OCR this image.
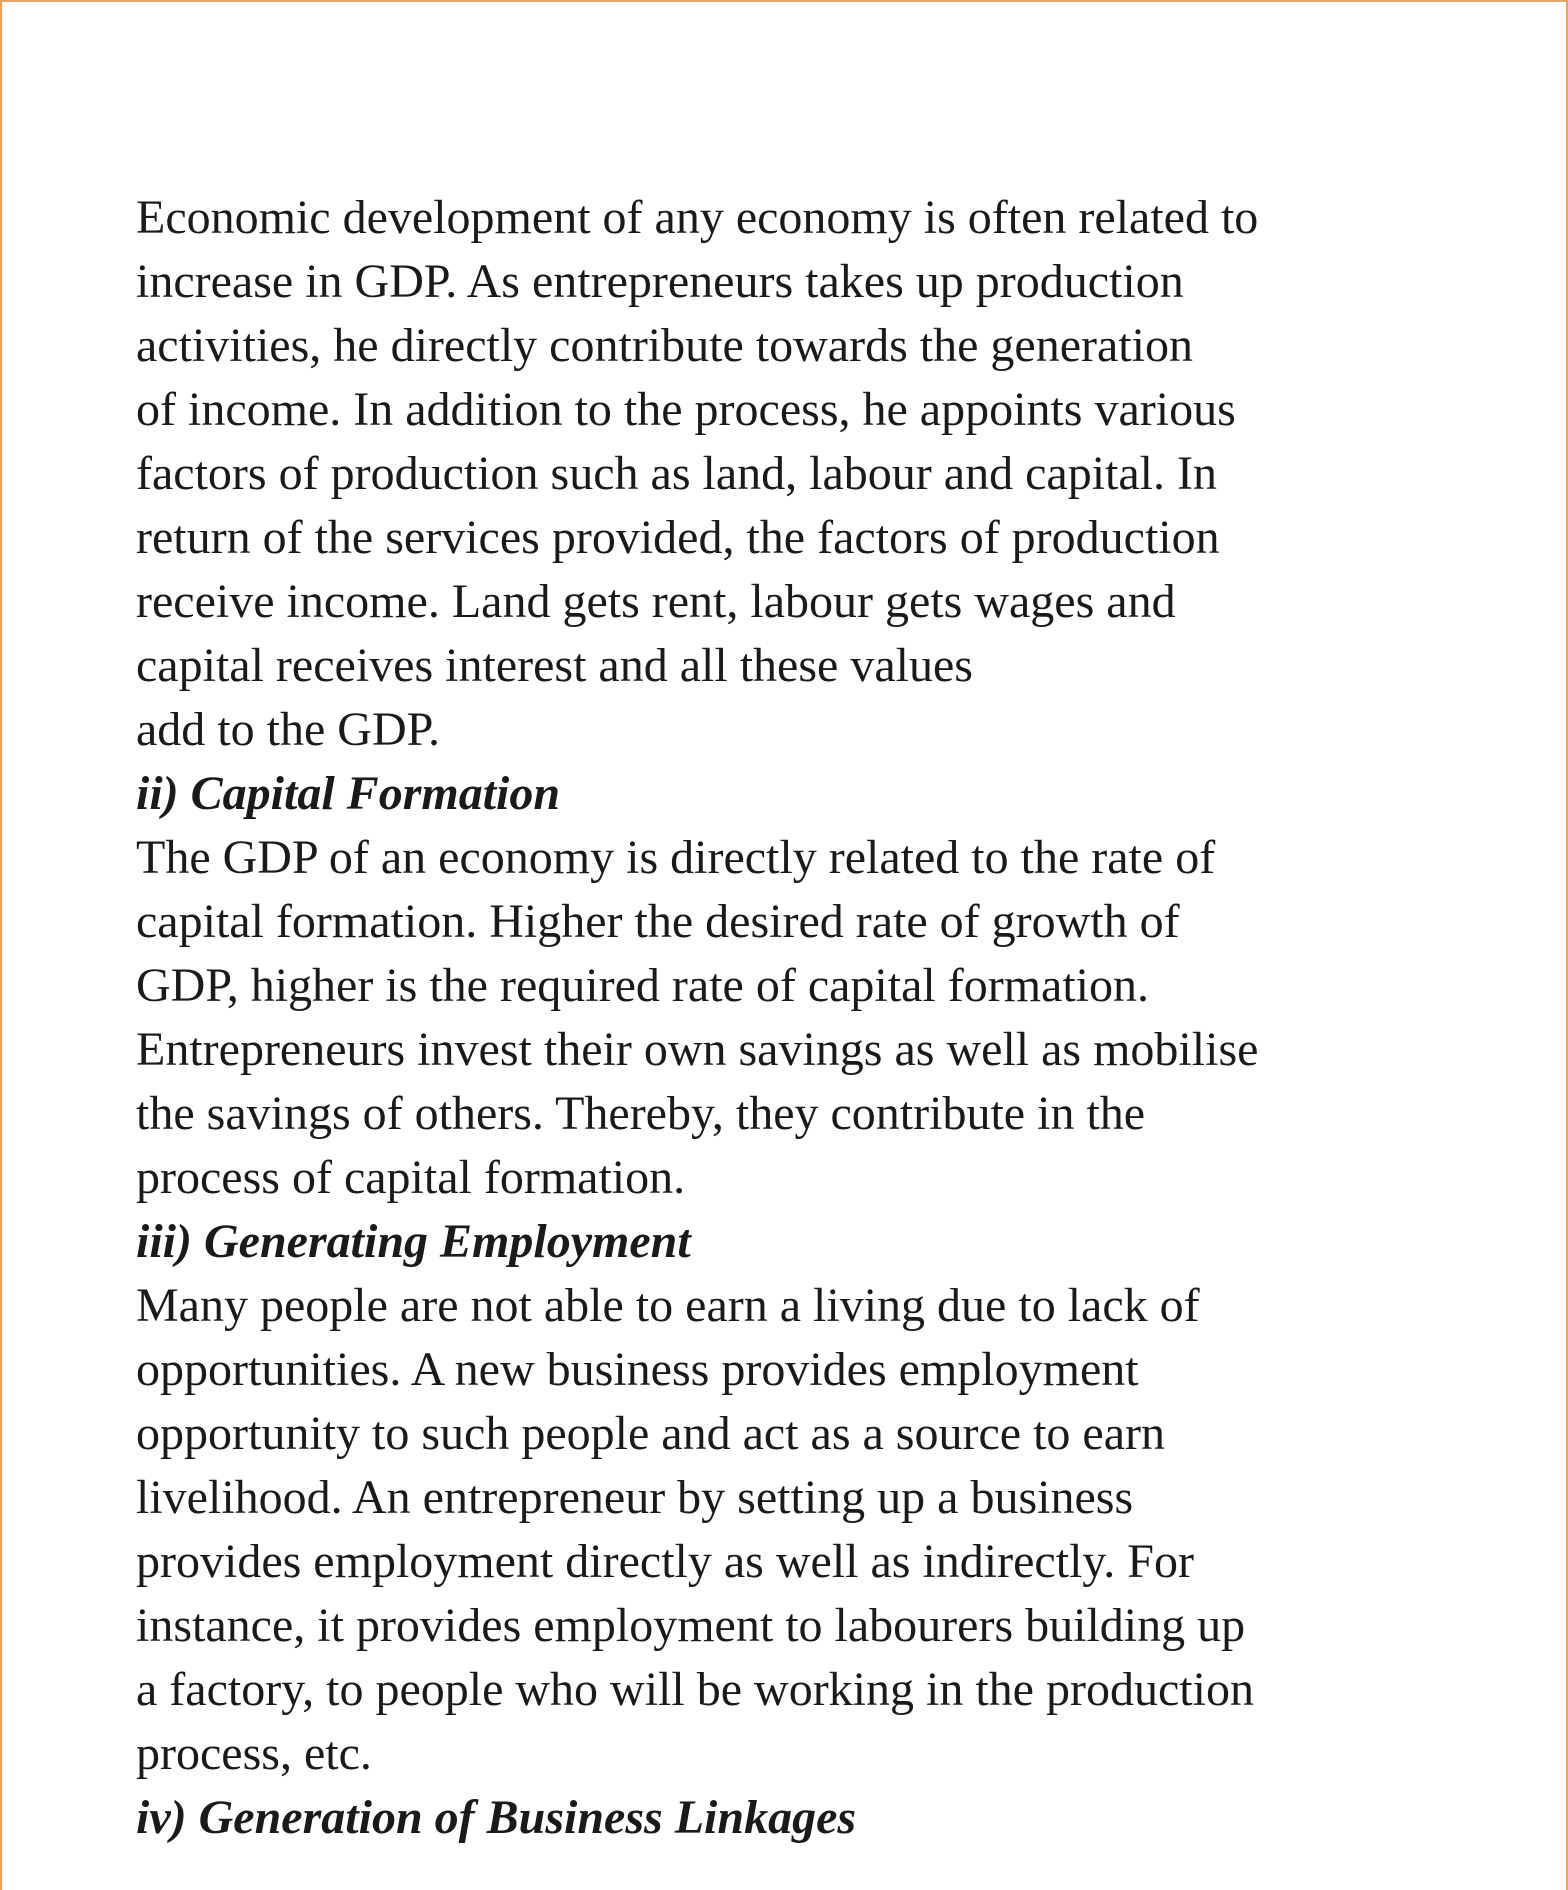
Economic development of any economy is often related to
increase in GDP. As entrepreneurs takes up production
activities, he directly contribute towards the generation
of income. In addition to the process, he appoints various
factors of production such as land, labour and capital. In
return of the services provided, the factors of production
receive income. Land gets rent, labour gets wages and
capital receives interest and all these values
add to the GDP.
ii) Capital Formation
The GDP of an economy is directly related to the rate of
capital formation. Higher the desired rate of growth of
GDP, higher is the required rate of capital formation.
Entrepreneurs invest their own savings as well as mobilise
the savings of others. Thereby, they contribute in the
process of capital formation.
iii) Generating Employment
Many people are not able to earn a living due to lack of
opportunities. A new business provides employment
opportunity to such people and act as a source to earn
livelihood. An entrepreneur by setting up a business
provides employment directly as well as indirectly. For
instance, it provides employment to labourers building up
a factory, to people who will be working in the production
process, etc.
iv) Generation of Business Linkages
